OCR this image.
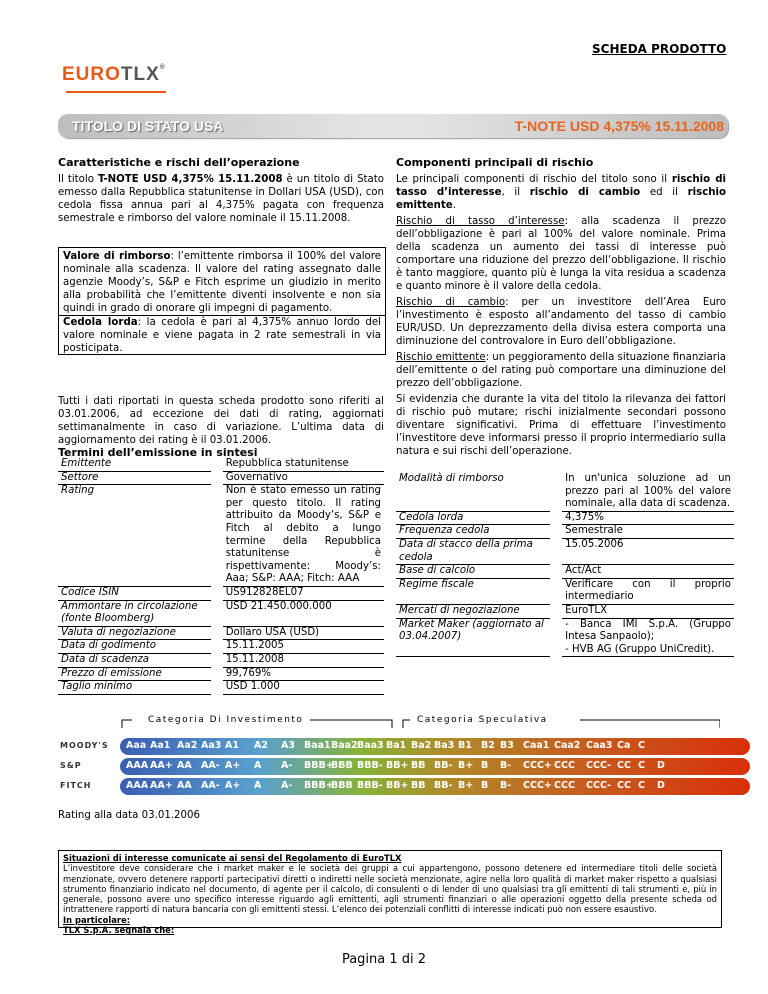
SCHEDA PRODOTTO
EUROTLX®
TITOLO DI STATO USA	T-NOTE USD 4,375% 15.11.2008
Caratteristiche e rischi dell’operazione
Il titolo T-NOTE USD 4,375% 15.11.2008 è un titolo di Stato emesso dalla Repubblica statunitense in Dollari USA (USD), con cedola fissa annua pari al 4,375% pagata con frequenza semestrale e rimborso del valore nominale il 15.11.2008.
Valore di rimborso: l’emittente rimborsa il 100% del valore nominale alla scadenza. Il valore del rating assegnato dalle agenzie Moody’s, S&P e Fitch esprime un giudizio in merito alla probabilità che l’emittente diventi insolvente e non sia quindi in grado di onorare gli impegni di pagamento.
Cedola lorda: la cedola è pari al 4,375% annuo lordo del valore nominale e viene pagata in 2 rate semestrali in via posticipata.
Tutti i dati riportati in questa scheda prodotto sono riferiti al 03.01.2006, ad eccezione dei dati di rating, aggiornati settimanalmente in caso di variazione. L’ultima data di aggiornamento dei rating è il 03.01.2006.
Componenti principali di rischio
Le principali componenti di rischio del titolo sono il rischio di tasso d’interesse, il rischio di cambio ed il rischio emittente.
Rischio di tasso d’interesse: alla scadenza il prezzo dell’obbligazione è pari al 100% del valore nominale. Prima della scadenza un aumento dei tassi di interesse può comportare una riduzione del prezzo dell’obbligazione. Il rischio è tanto maggiore, quanto più è lunga la vita residua a scadenza e quanto minore è il valore della cedola.
Rischio di cambio: per un investitore dell’Area Euro l’investimento è esposto all’andamento del tasso di cambio EUR/USD. Un deprezzamento della divisa estera comporta una diminuzione del controvalore in Euro dell’obbligazione.
Rischio emittente: un peggioramento della situazione finanziaria dell’emittente o del rating può comportare una diminuzione del prezzo dell’obbligazione.
Si evidenzia che durante la vita del titolo la rilevanza dei fattori di rischio può mutare; rischi inizialmente secondari possono diventare significativi. Prima di effettuare l’investimento l’investitore deve informarsi presso il proprio intermediario sulla natura e sui rischi dell’operazione.
Termini dell’emissione in sintesi
Emittente		Repubblica statunitense
Settore		Governativo
Rating		Non è stato emesso un rating per questo titolo. Il rating attribuito da Moody’s, S&P e Fitch al debito a lungo termine della Repubblica statunitense è rispettivamente: Moody’s: Aaa; S&P: AAA; Fitch: AAA
Codice ISIN		US912828EL07
Ammontare in circolazione (fonte Bloomberg)		USD 21.450.000.000
Valuta di negoziazione		Dollaro USA (USD)
Data di godimento		15.11.2005
Data di scadenza		15.11.2008
Prezzo di emissione		99,769%
Taglio minimo		USD 1.000
Modalità di rimborso		In un'unica soluzione ad un prezzo pari al 100% del valore nominale, alla data di scadenza.
Cedola lorda		4,375%
Frequenza cedola		Semestrale
Data di stacco della prima cedola		15.05.2006
Base di calcolo		Act/Act
Regime fiscale		Verificare con il proprio intermediario
Mercati di negoziazione		EuroTLX
Market Maker (aggiornato al 03.04.2007)		- Banca IMI S.p.A. (Gruppo Intesa Sanpaolo);
- HVB AG (Gruppo UniCredit).
Categoria Di Investimento	Categoria Speculativa
MOODY'S Aaa Aa1 Aa2 Aa3 A1 A2 A3 Baa1 Baa2 Baa3 Ba1 Ba2 Ba3 B1 B2 B3 Caa1 Caa2 Caa3 Ca C
S&P	AAA AA+ AA AA- A+ A A- BBB+
BBB BBB- BB+ BB BB- B+ B B- CCC+ CCC CCC- CC C D
FITCH	AAA AA+ AA AA- A+ A A- BBB+
BBB BBB- BB+ BB BB- B+ B B- CCC+ CCC CCC- CC C D
Rating alla data 03.01.2006
Situazioni di interesse comunicate ai sensi del Regolamento di EuroTLX
L’investitore deve considerare che i market maker e le società dei gruppi a cui appartengono, possono detenere ed intermediare titoli delle società menzionate, ovvero detenere rapporti partecipativi diretti o indiretti nelle società menzionate, agire nella loro qualità di market maker rispetto a qualsiasi strumento finanziario indicato nel documento, di agente per il calcolo, di consulenti o di lender di uno qualsiasi tra gli emittenti di tali strumenti e, più in generale, possono avere uno specifico interesse riguardo agli emittenti, agli strumenti finanziari o alle operazioni oggetto della presente scheda od intrattenere rapporti di natura bancaria con gli emittenti stessi. L’elenco dei potenziali conflitti di interesse indicati può non essere esaustivo.
In particolare:
TLX S.p.A. segnala che:
Pagina 1 di 2
